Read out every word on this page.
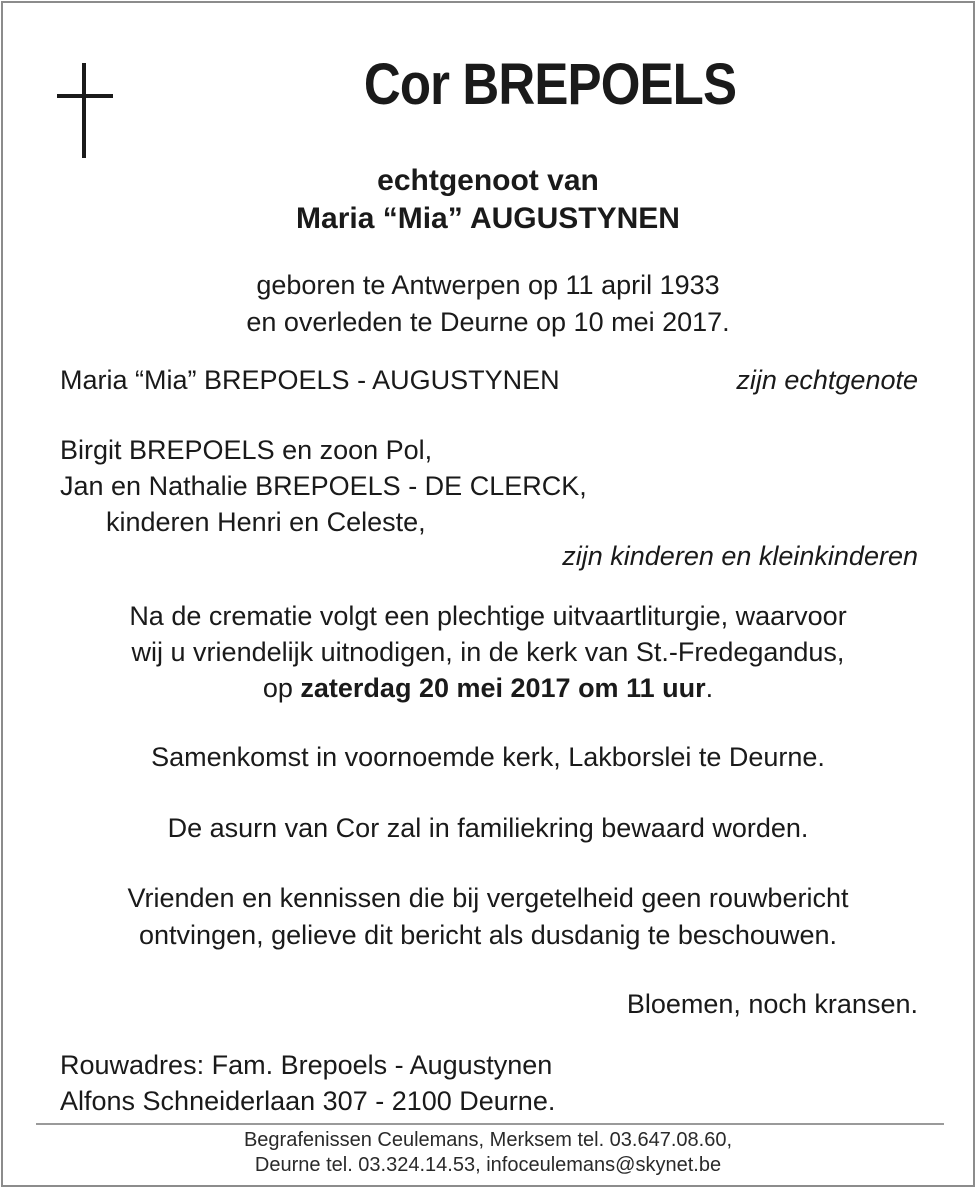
Cor BREPOELS
echtgenoot van
Maria “Mia” AUGUSTYNEN
geboren te Antwerpen op 11 april 1933
en overleden te Deurne op 10 mei 2017.
Maria “Mia” BREPOELS - AUGUSTYNEN	zijn echtgenote
Birgit BREPOELS en zoon Pol,
Jan en Nathalie BREPOELS - DE CLERCK,
kinderen Henri en Celeste,
zijn kinderen en kleinkinderen
Na de crematie volgt een plechtige uitvaartliturgie, waarvoor
wij u vriendelijk uitnodigen, in de kerk van St.-Fredegandus,
op zaterdag 20 mei 2017 om 11 uur.
Samenkomst in voornoemde kerk, Lakborslei te Deurne.
De asurn van Cor zal in familiekring bewaard worden.
Vrienden en kennissen die bij vergetelheid geen rouwbericht
ontvingen, gelieve dit bericht als dusdanig te beschouwen.
Bloemen, noch kransen.
Rouwadres: Fam. Brepoels - Augustynen
Alfons Schneiderlaan 307 - 2100 Deurne.
Begrafenissen Ceulemans, Merksem tel. 03.647.08.60,
Deurne tel. 03.324.14.53, infoceulemans@skynet.be
